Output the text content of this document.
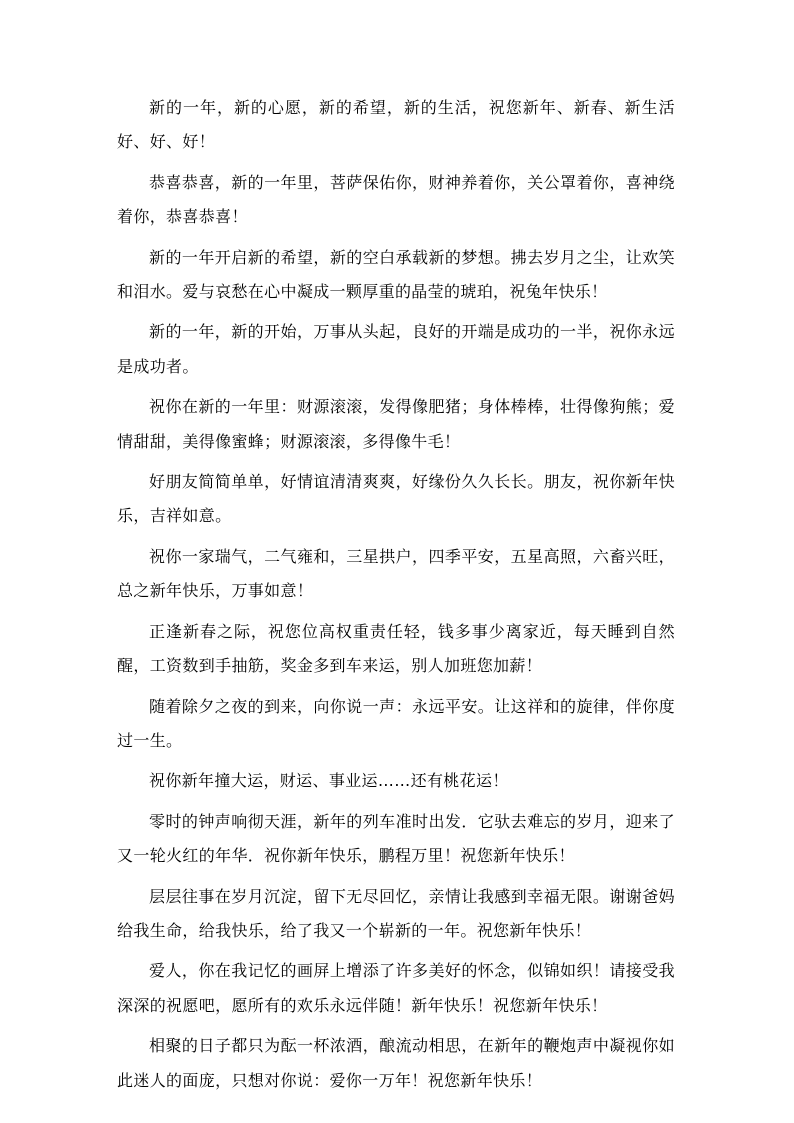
新的一年，新的心愿，新的希望，新的生活，祝您新年、新春、新生活好、好、好！

恭喜恭喜，新的一年里，菩萨保佑你，财神养着你，关公罩着你，喜神绕着你，恭喜恭喜！

新的一年开启新的希望，新的空白承载新的梦想。拂去岁月之尘，让欢笑和泪水。爱与哀愁在心中凝成一颗厚重的晶莹的琥珀，祝兔年快乐！

新的一年，新的开始，万事从头起，良好的开端是成功的一半，祝你永远是成功者。

祝你在新的一年里：财源滚滚，发得像肥猪；身体棒棒，壮得像狗熊；爱情甜甜，美得像蜜蜂；财源滚滚，多得像牛毛！

好朋友简简单单，好情谊清清爽爽，好缘份久久长长。朋友，祝你新年快乐，吉祥如意。

祝你一家瑞气，二气雍和，三星拱户，四季平安，五星高照，六畜兴旺，总之新年快乐，万事如意！

正逢新春之际，祝您位高权重责任轻，钱多事少离家近，每天睡到自然醒，工资数到手抽筋，奖金多到车来运，别人加班您加薪！

随着除夕之夜的到来，向你说一声：永远平安。让这祥和的旋律，伴你度过一生。

祝你新年撞大运，财运、事业运……还有桃花运！

零时的钟声响彻天涯，新年的列车准时出发．它驮去难忘的岁月，迎来了又一轮火红的年华．祝你新年快乐，鹏程万里！祝您新年快乐！

层层往事在岁月沉淀，留下无尽回忆，亲情让我感到幸福无限。谢谢爸妈给我生命，给我快乐，给了我又一个崭新的一年。祝您新年快乐！

爱人，你在我记忆的画屏上增添了许多美好的怀念，似锦如织！请接受我深深的祝愿吧，愿所有的欢乐永远伴随！新年快乐！祝您新年快乐！

相聚的日子都只为酝一杯浓酒，酿流动相思，在新年的鞭炮声中凝视你如此迷人的面庞，只想对你说：爱你一万年！祝您新年快乐！
